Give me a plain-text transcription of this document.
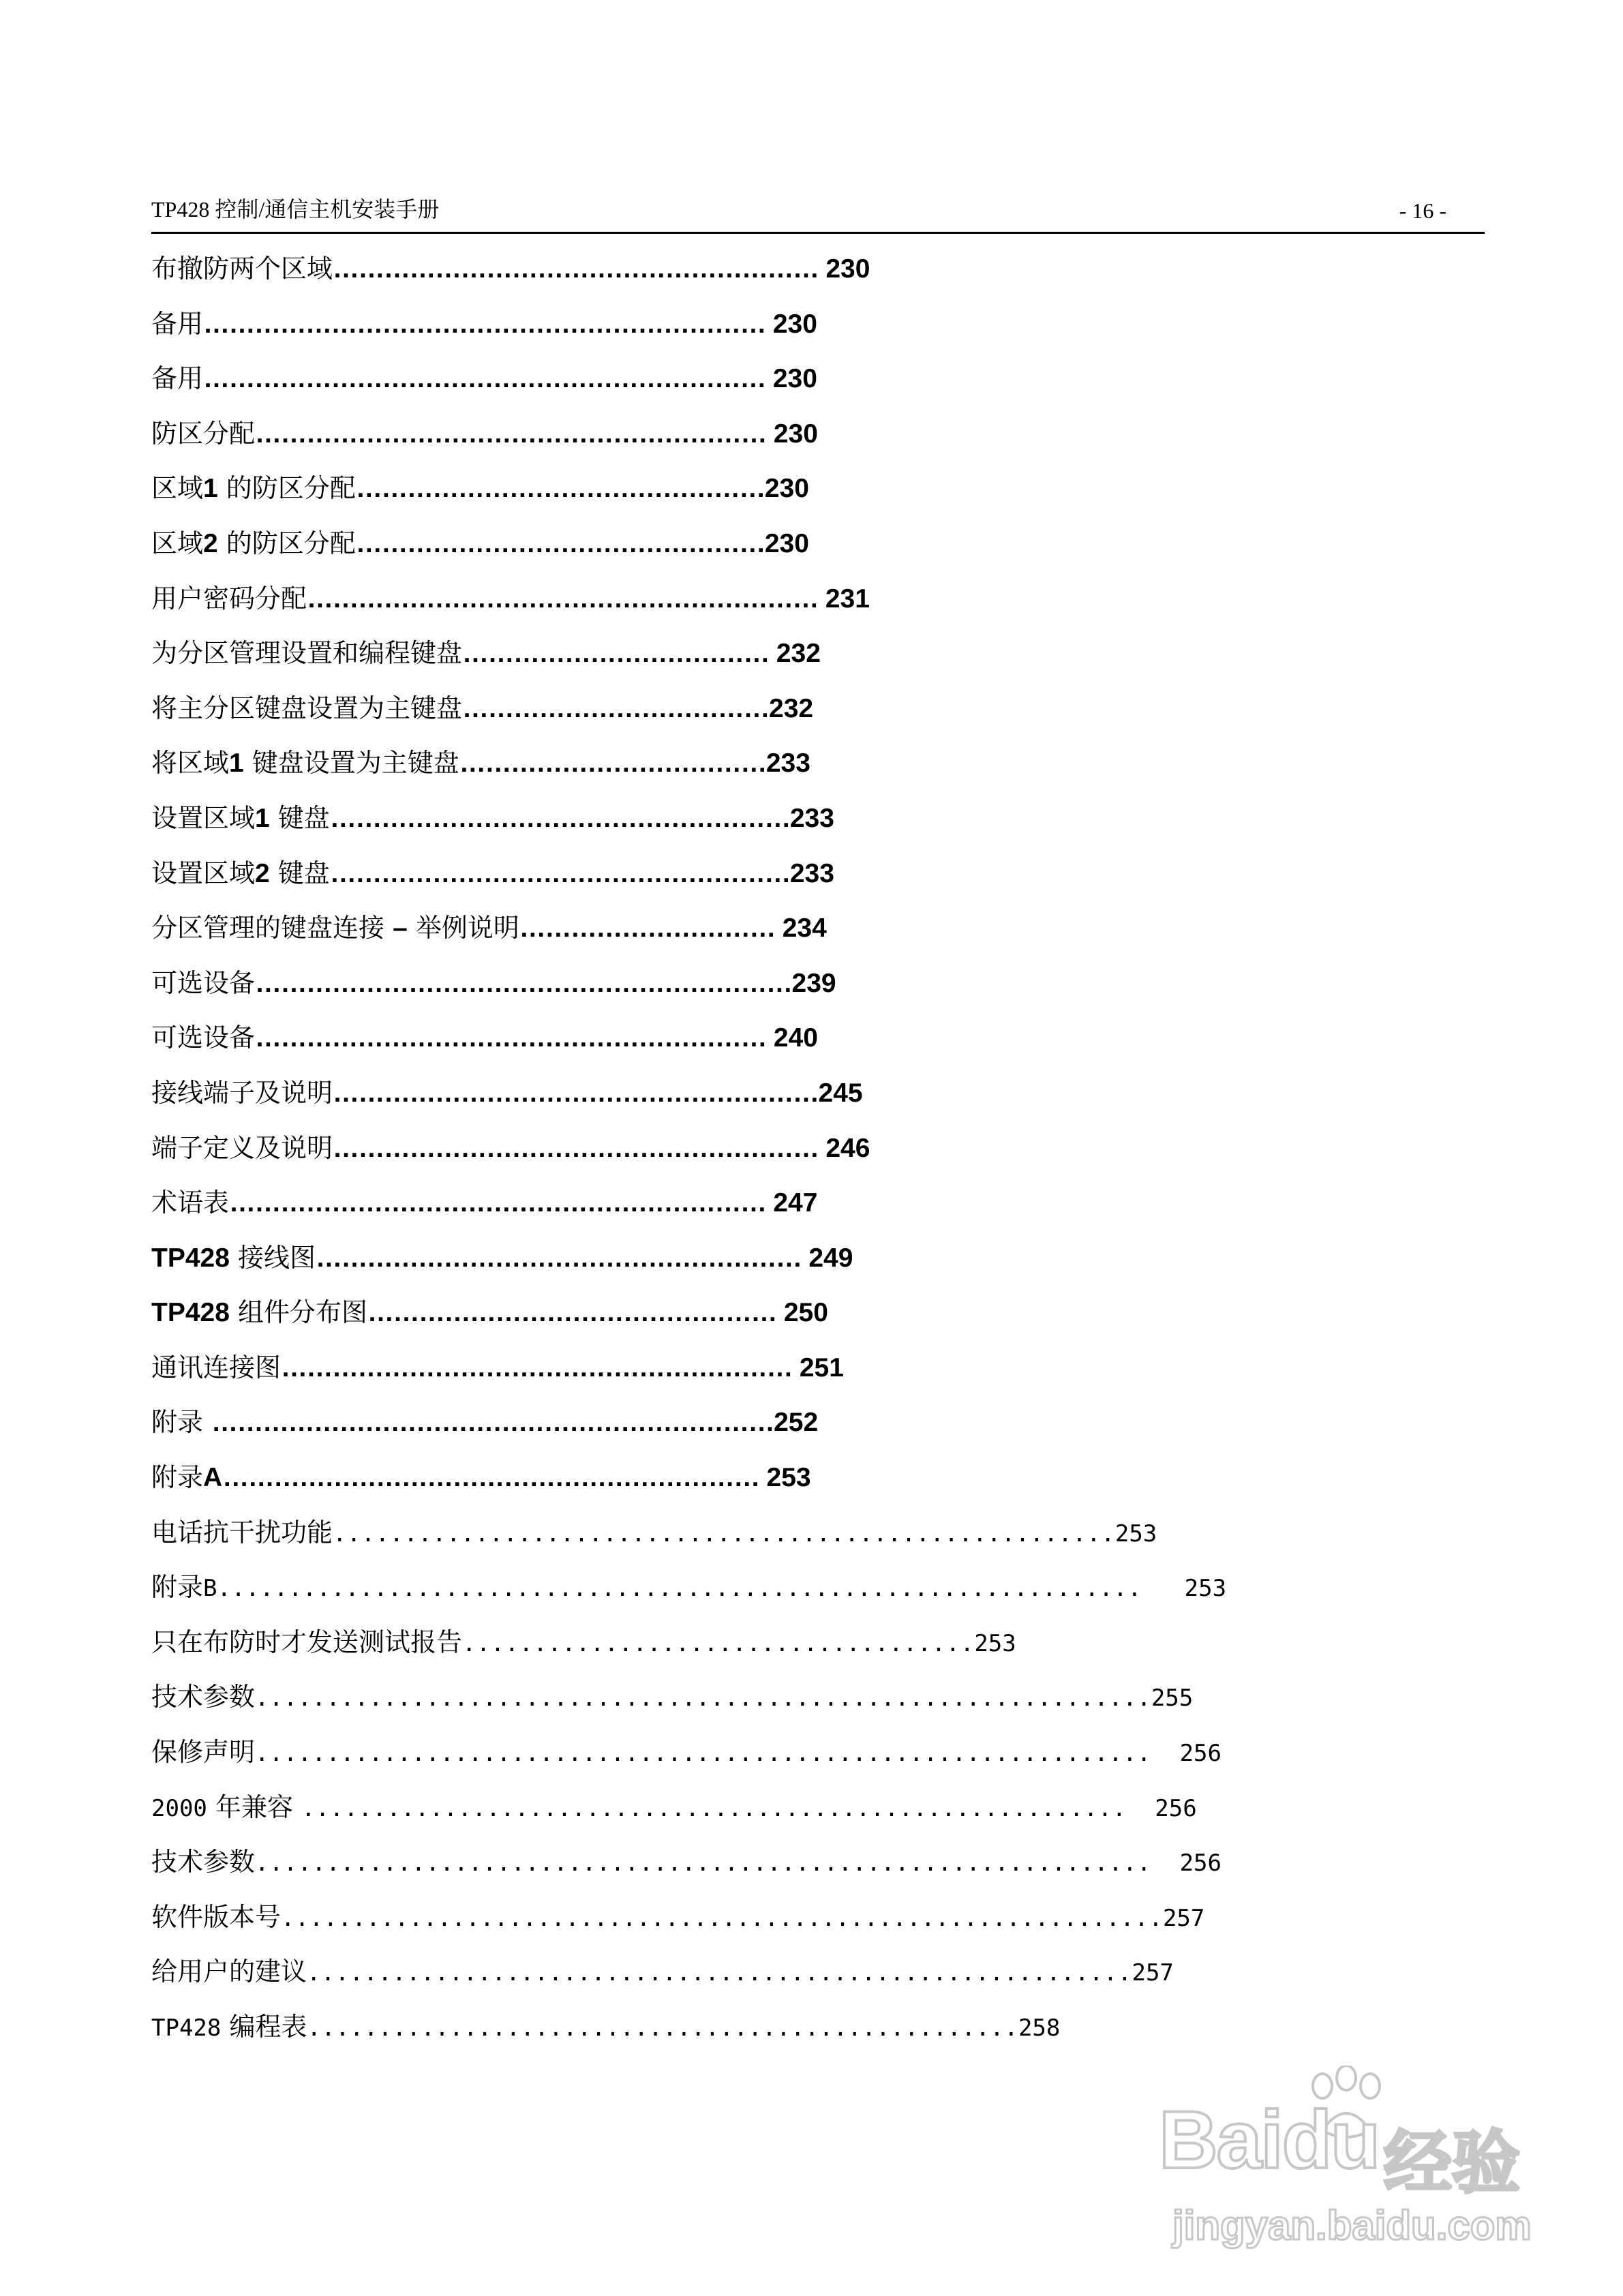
TP428 控制/通信主机安装手册	- 16 -
布撤防两个区域………………………………………………… 230
备用………………………………………………………… 230
备用………………………………………………………… 230
防区分配…………………………………………………… 230
区域1 的防区分配…………………………………………230
区域2 的防区分配…………………………………………230
用户密码分配…………………………………………………… 231
为分区管理设置和编程键盘……………………………… 232
将主分区键盘设置为主键盘………………………………232
将区域1 键盘设置为主键盘………………………………233
设置区域1 键盘………………………………………………233
设置区域2 键盘………………………………………………233
分区管理的键盘连接 – 举例说明………………………… 234
可选设备………………………………………………………239
可选设备…………………………………………………… 240
接线端子及说明…………………………………………………245
端子定义及说明………………………………………………… 246
术语表……………………………………………………… 247
TP428 接线图………………………………………………… 249
TP428 组件分布图………………………………………… 250
通讯连接图…………………………………………………… 251
附录 …………………………………………………………252
附录A……………………………………………………… 253
电话抗干扰功能.......................................................253
附录B.................................................................   253
只在布防时才发送测试报告....................................253
技术参数...............................................................255
保修声明...............................................................  256
2000 年兼容 ..........................................................  256
技术参数...............................................................  256
软件版本号..............................................................257
给用户的建议..........................................................257
TP428 编程表..................................................258
Baidu 经验
jingyan.baidu.com
